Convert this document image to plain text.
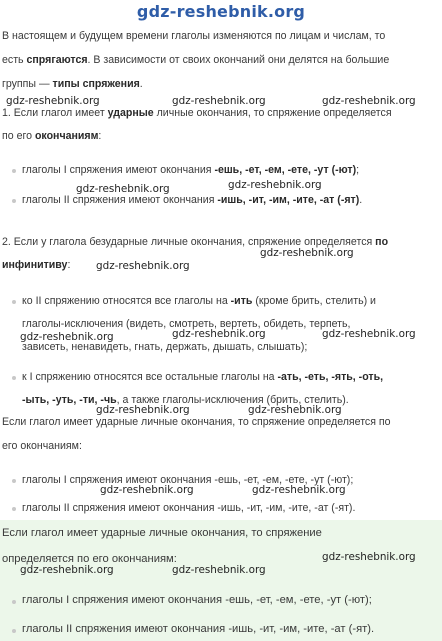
gdz-reshebnik.org
В настоящем и будущем времени глаголы изменяются по лицам и числам, то
есть спрягаются. В зависимости от своих окончаний они делятся на большие
группы — типы спряжения.
gdz-reshebnik.org	gdz-reshebnik.org	gdz-reshebnik.org
1. Если глагол имеет ударные личные окончания, то спряжение определяется
по его окончаниям:
глаголы I спряжения имеют окончания -ешь, -ет, -ем, -ете, -ут (-ют);
gdz-reshebnik.org	gdz-reshebnik.org
глаголы II спряжения имеют окончания -ишь, -ит, -им, -ите, -ат (-ят).
2. Если у глагола безударные личные окончания, спряжение определяется по
gdz-reshebnik.org
инфинитиву: gdz-reshebnik.org
ко II спряжению относятся все глаголы на -ить (кроме брить, стелить) и
глаголы-исключения (видеть, смотреть, вертеть, обидеть, терпеть,
gdz-reshebnik.org	gdz-reshebnik.org	gdz-reshebnik.org
зависеть, ненавидеть, гнать, держать, дышать, слышать);
к I спряжению относятся все остальные глаголы на -ать, -еть, -ять, -оть,
-ыть, -уть, -ти, -чь, а также глаголы-исключения (брить, стелить).
gdz-reshebnik.org	gdz-reshebnik.org
Если глагол имеет ударные личные окончания, то спряжение определяется по
его окончаниям:
глаголы I спряжения имеют окончания -ешь, -ет, -ем, -ете, -ут (-ют);
gdz-reshebnik.org	gdz-reshebnik.org
глаголы II спряжения имеют окончания -ишь, -ит, -им, -ите, -ат (-ят).
Если глагол имеет ударные личные окончания, то спряжение
определяется по его окончаниям:	gdz-reshebnik.org
gdz-reshebnik.org	gdz-reshebnik.org
глаголы I спряжения имеют окончания -ешь, -ет, -ем, -ете, -ут (-ют);
глаголы II спряжения имеют окончания -ишь, -ит, -им, -ите, -ат (-ят).
